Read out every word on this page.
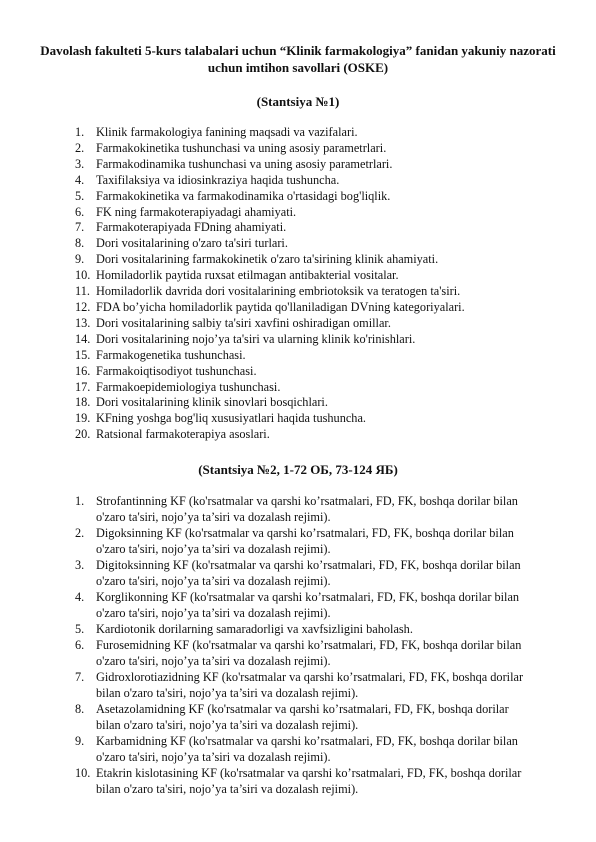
Davolash fakulteti 5-kurs talabalari uchun “Klinik farmakologiya” fanidan yakuniy nazorati uchun imtihon savollari (OSKE)
(Stantsiya №1)
1. Klinik farmakologiya fanining maqsadi va vazifalari.
2. Farmakokinetika tushunchasi va uning asosiy parametrlari.
3. Farmakodinamika tushunchasi va uning asosiy parametrlari.
4. Taxifilaksiya va idiosinkraziya haqida tushuncha.
5. Farmakokinetika va farmakodinamika o'rtasidagi bog'liqlik.
6. FK ning farmakoterapiyadagi ahamiyati.
7. Farmakoterapiyada FDning ahamiyati.
8. Dori vositalarining o'zaro ta'siri turlari.
9. Dori vositalarining farmakokinetik o'zaro ta'sirining klinik ahamiyati.
10. Homiladorlik paytida ruxsat etilmagan antibakterial vositalar.
11. Homiladorlik davrida dori vositalarining embriotoksik va teratogen ta'siri.
12. FDA bo’yicha homiladorlik paytida qo'llaniladigan DVning kategoriyalari.
13. Dori vositalarining salbiy ta'siri xavfini oshiradigan omillar.
14. Dori vositalarining nojo’ya ta'siri va ularning klinik ko'rinishlari.
15. Farmakogenetika tushunchasi.
16. Farmakoiqtisodiyot tushunchasi.
17. Farmakoepidemiologiya tushunchasi.
18. Dori vositalarining klinik sinovlari bosqichlari.
19. KFning yoshga bog'liq xususiyatlari haqida tushuncha.
20. Ratsional farmakoterapiya asoslari.
(Stantsiya №2, 1-72 ОБ, 73-124 ЯБ)
1. Strofantinning KF (ko'rsatmalar va qarshi ko’rsatmalari, FD, FK, boshqa dorilar bilan o'zaro ta'siri, nojo’ya ta’siri va dozalash rejimi).
2. Digoksinning KF (ko'rsatmalar va qarshi ko’rsatmalari, FD, FK, boshqa dorilar bilan o'zaro ta'siri, nojo’ya ta’siri va dozalash rejimi).
3. Digitoksinning KF (ko'rsatmalar va qarshi ko’rsatmalari, FD, FK, boshqa dorilar bilan o'zaro ta'siri, nojo’ya ta’siri va dozalash rejimi).
4. Korglikonning KF (ko'rsatmalar va qarshi ko’rsatmalari, FD, FK, boshqa dorilar bilan o'zaro ta'siri, nojo’ya ta’siri va dozalash rejimi).
5. Kardiotonik dorilarning samaradorligi va xavfsizligini baholash.
6. Furosemidning KF (ko'rsatmalar va qarshi ko’rsatmalari, FD, FK, boshqa dorilar bilan o'zaro ta'siri, nojo’ya ta’siri va dozalash rejimi).
7. Gidroxlorotiazidning KF (ko'rsatmalar va qarshi ko’rsatmalari, FD, FK, boshqa dorilar bilan o'zaro ta'siri, nojo’ya ta’siri va dozalash rejimi).
8. Asetazolamidning KF (ko'rsatmalar va qarshi ko’rsatmalari, FD, FK, boshqa dorilar bilan o'zaro ta'siri, nojo’ya ta’siri va dozalash rejimi).
9. Karbamidning KF (ko'rsatmalar va qarshi ko’rsatmalari, FD, FK, boshqa dorilar bilan o'zaro ta'siri, nojo’ya ta’siri va dozalash rejimi).
10. Etakrin kislotasining KF (ko'rsatmalar va qarshi ko’rsatmalari, FD, FK, boshqa dorilar bilan o'zaro ta'siri, nojo’ya ta’siri va dozalash rejimi).
